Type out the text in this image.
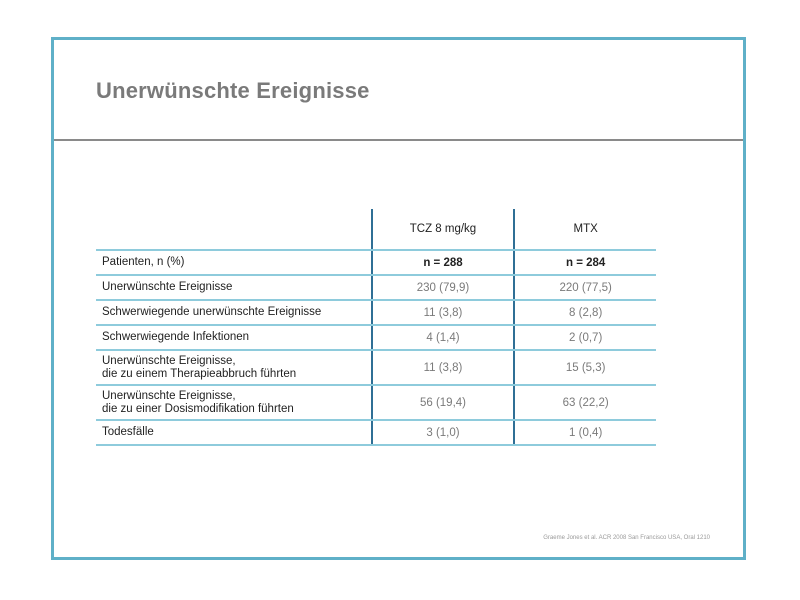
Unerwünschte Ereignisse
	TCZ 8 mg/kg	MTX

Patienten, n (%)	n = 288	n = 284

Unerwünschte Ereignisse	230 (79,9)	220 (77,5)

Schwerwiegende unerwünschte Ereignisse	11 (3,8)	8 (2,8)

Schwerwiegende Infektionen	4 (1,4)	2 (0,7)

Unerwünschte Ereignisse,
die zu einem Therapieabbruch führten	11 (3,8)	15 (5,3)

Unerwünschte Ereignisse,
die zu einer Dosismodifikation führten	56 (19,4)	63 (22,2)

Todesfälle	3 (1,0)	1 (0,4)
Graeme Jones et al. ACR 2008 San Francisco USA, Oral 1210
